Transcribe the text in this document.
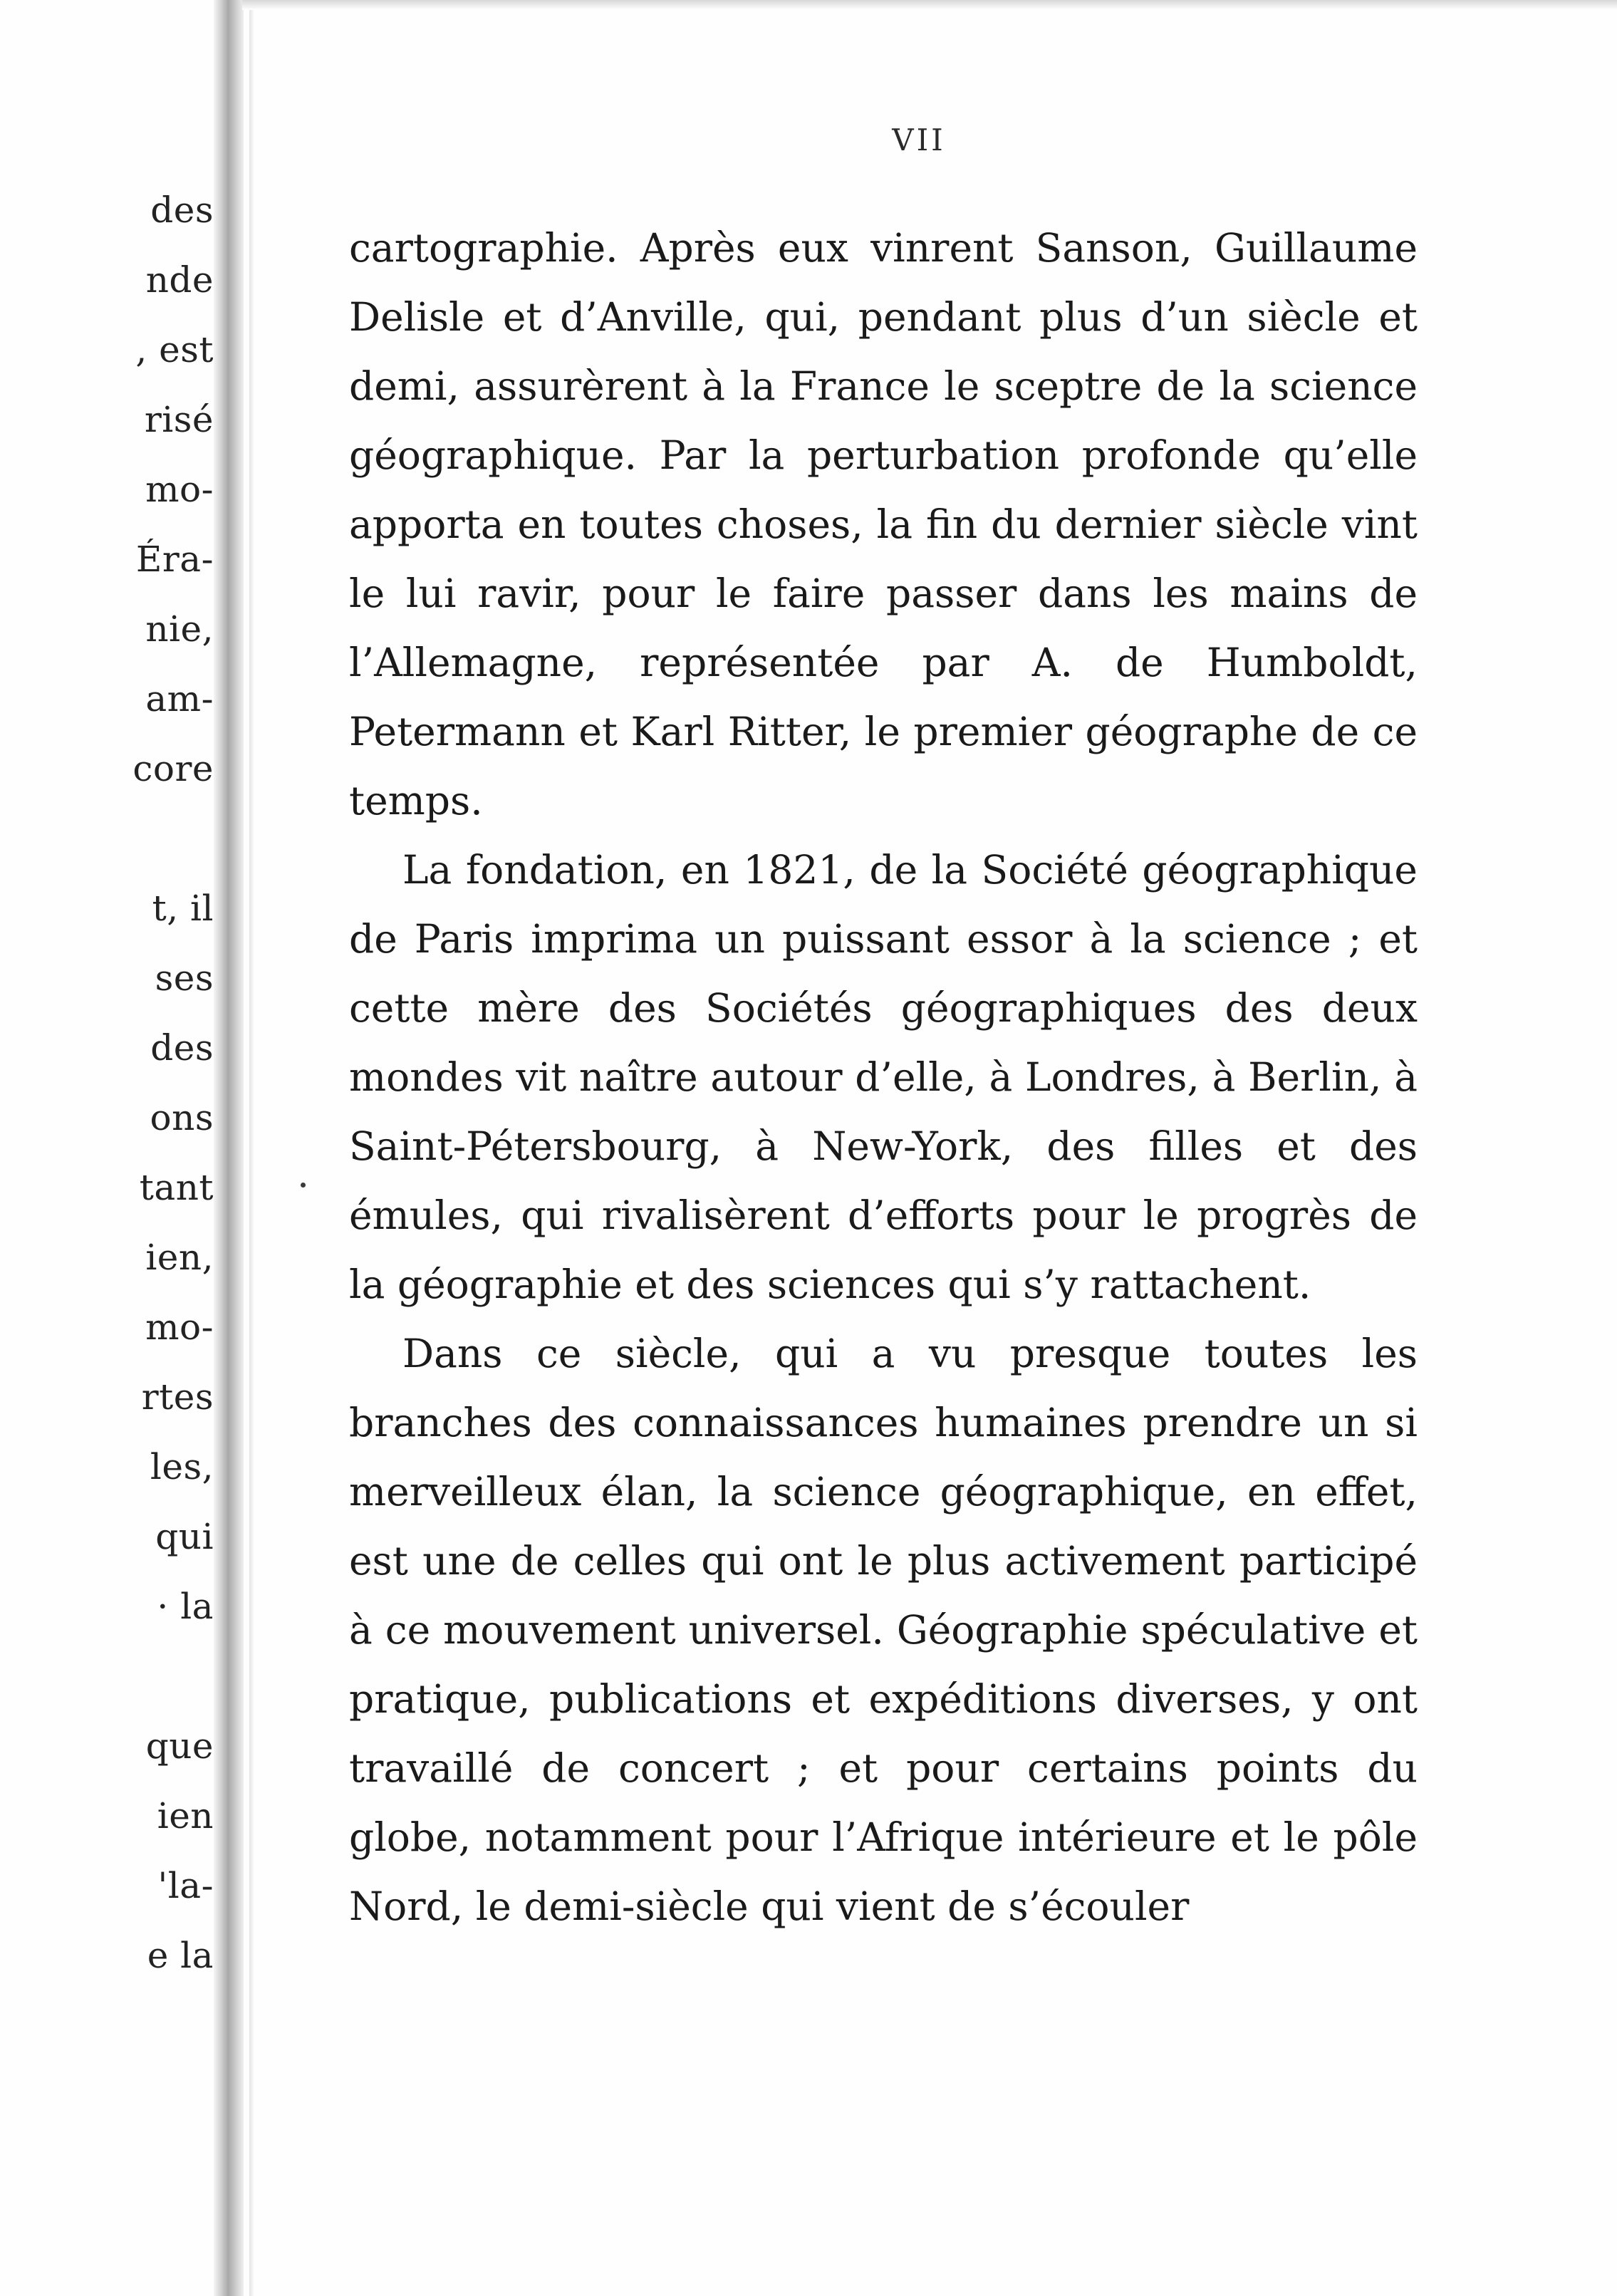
des
nde
, est
risé
mo-
Éra-
nie,
am-
core
t, il
ses
des
ons
tant
ien,
mo-
rtes
les,
qui
· la
que
ien
'la-
e la
VII

cartographie. Après eux vinrent Sanson, Guillaume Delisle et d’Anville, qui, pendant plus d’un siècle et demi, assurèrent à la France le sceptre de la science géographique. Par la perturbation profonde qu’elle apporta en toutes choses, la fin du dernier siècle vint le lui ravir, pour le faire passer dans les mains de l’Allemagne, représentée par A. de Humboldt, Petermann et Karl Ritter, le premier géographe de ce temps.

La fondation, en 1821, de la Société géographique de Paris imprima un puissant essor à la science ; et cette mère des Sociétés géographiques des deux mondes vit naître autour d’elle, à Londres, à Berlin, à Saint-Pétersbourg, à New-York, des filles et des émules, qui rivalisèrent d’efforts pour le progrès de la géographie et des sciences qui s’y rattachent.

Dans ce siècle, qui a vu presque toutes les branches des connaissances humaines prendre un si merveilleux élan, la science géographique, en effet, est une de celles qui ont le plus activement participé à ce mouvement universel. Géographie spéculative et pratique, publications et expéditions diverses, y ont travaillé de concert ; et pour certains points du globe, notamment pour l’Afrique intérieure et le pôle Nord, le demi-siècle qui vient de s’écouler
